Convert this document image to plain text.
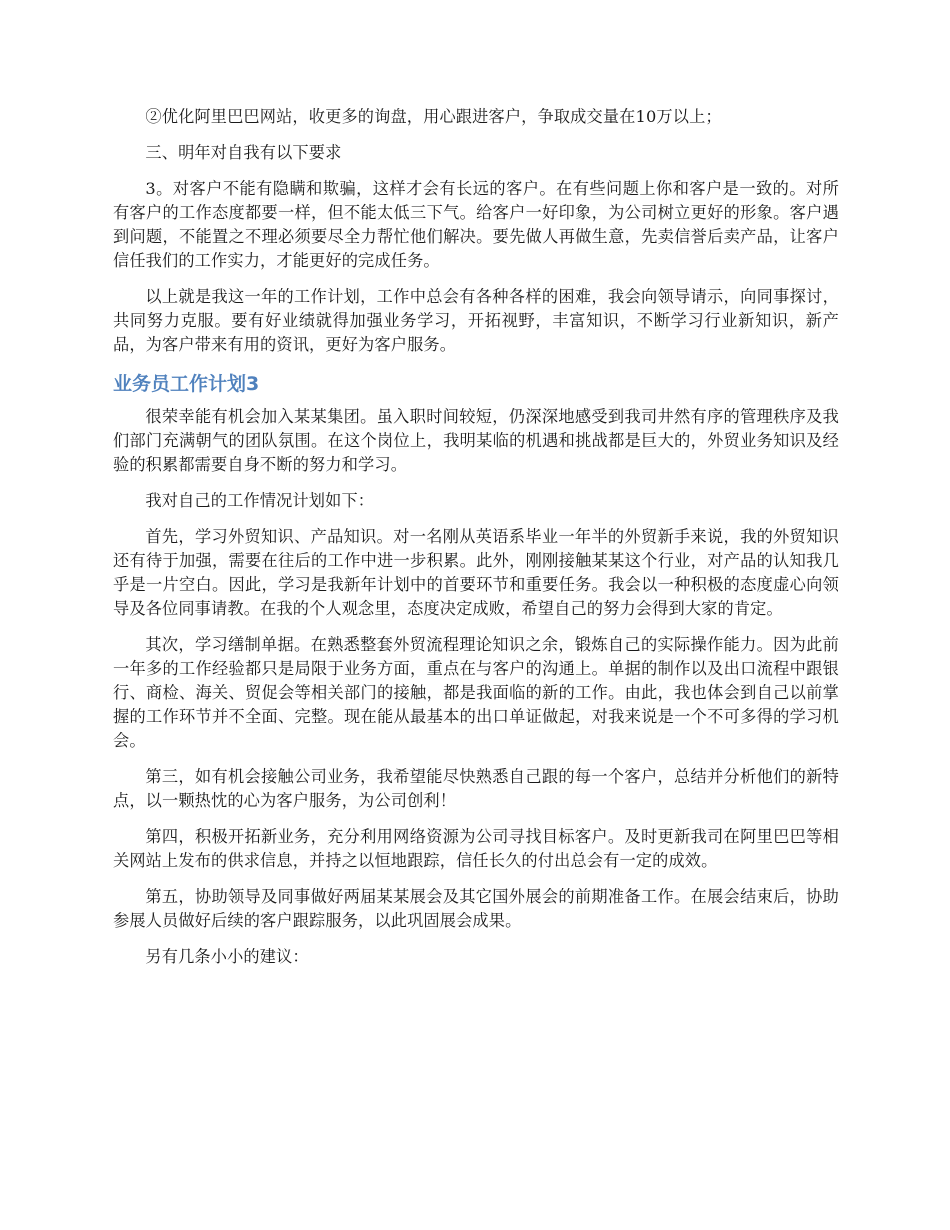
②优化阿里巴巴网站，收更多的询盘，用心跟进客户，争取成交量在10万以上；

三、明年对自我有以下要求

3。对客户不能有隐瞒和欺骗，这样才会有长远的客户。在有些问题上你和客户是一致的。对所有客户的工作态度都要一样，但不能太低三下气。给客户一好印象，为公司树立更好的形象。客户遇到问题，不能置之不理必须要尽全力帮忙他们解决。要先做人再做生意，先卖信誉后卖产品，让客户信任我们的工作实力，才能更好的完成任务。

以上就是我这一年的工作计划，工作中总会有各种各样的困难，我会向领导请示，向同事探讨，共同努力克服。要有好业绩就得加强业务学习，开拓视野，丰富知识，不断学习行业新知识，新产品，为客户带来有用的资讯，更好为客户服务。

业务员工作计划3

很荣幸能有机会加入某某集团。虽入职时间较短，仍深深地感受到我司井然有序的管理秩序及我们部门充满朝气的团队氛围。在这个岗位上，我明某临的机遇和挑战都是巨大的，外贸业务知识及经验的积累都需要自身不断的努力和学习。

我对自己的工作情况计划如下：

首先，学习外贸知识、产品知识。对一名刚从英语系毕业一年半的外贸新手来说，我的外贸知识还有待于加强，需要在往后的工作中进一步积累。此外，刚刚接触某某这个行业，对产品的认知我几乎是一片空白。因此，学习是我新年计划中的首要环节和重要任务。我会以一种积极的态度虚心向领导及各位同事请教。在我的个人观念里，态度决定成败，希望自己的努力会得到大家的肯定。

其次，学习缮制单据。在熟悉整套外贸流程理论知识之余，锻炼自己的实际操作能力。因为此前一年多的工作经验都只是局限于业务方面，重点在与客户的沟通上。单据的制作以及出口流程中跟银行、商检、海关、贸促会等相关部门的接触，都是我面临的新的工作。由此，我也体会到自己以前掌握的工作环节并不全面、完整。现在能从最基本的出口单证做起，对我来说是一个不可多得的学习机会。

第三，如有机会接触公司业务，我希望能尽快熟悉自己跟的每一个客户，总结并分析他们的新特点，以一颗热忱的心为客户服务，为公司创利！

第四，积极开拓新业务，充分利用网络资源为公司寻找目标客户。及时更新我司在阿里巴巴等相关网站上发布的供求信息，并持之以恒地跟踪，信任长久的付出总会有一定的成效。

第五，协助领导及同事做好两届某某展会及其它国外展会的前期准备工作。在展会结束后，协助参展人员做好后续的客户跟踪服务，以此巩固展会成果。

另有几条小小的建议：
